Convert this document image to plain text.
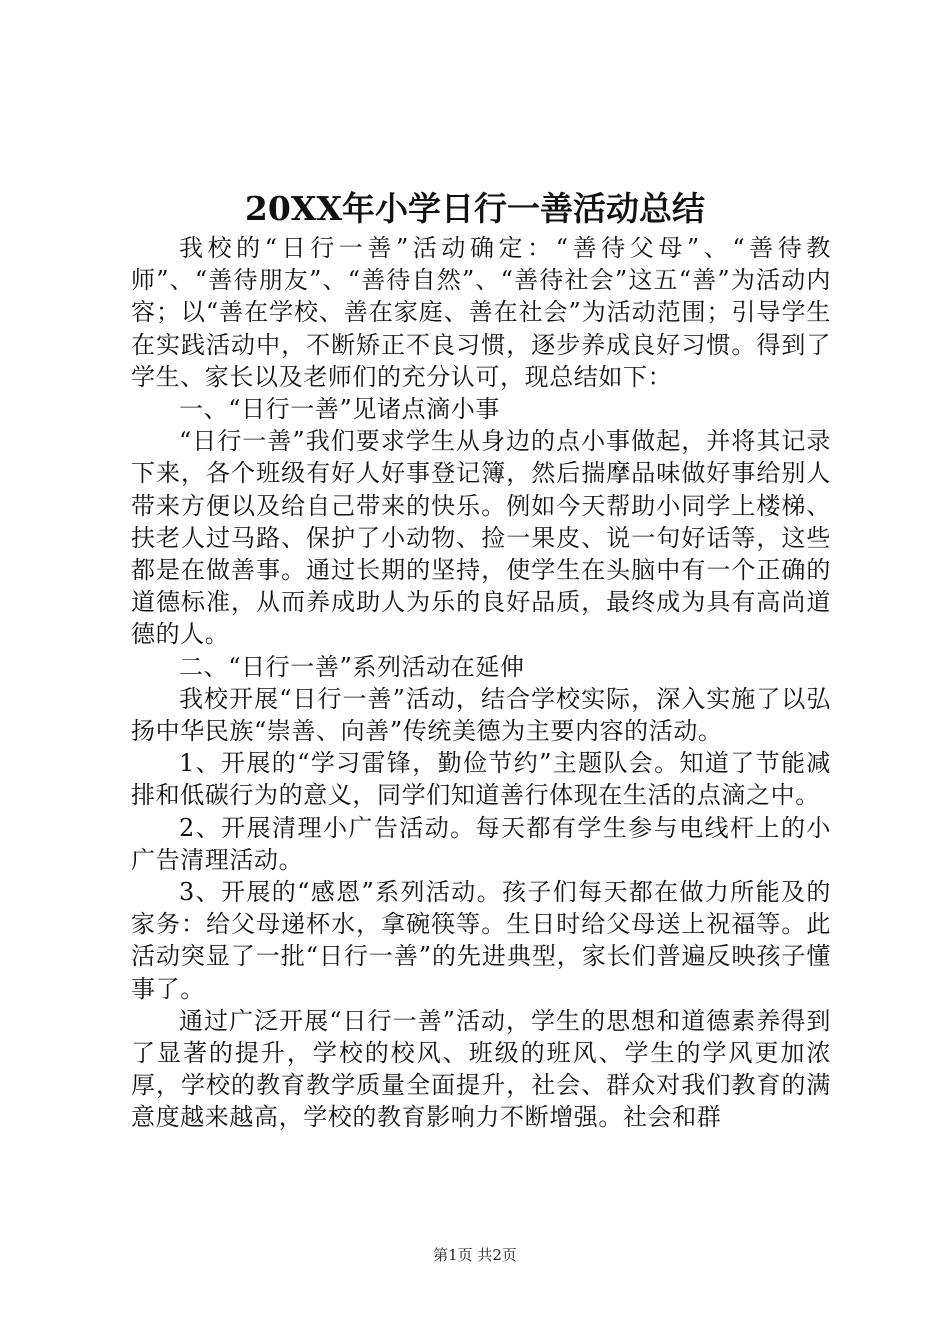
20XX年小学日行一善活动总结

我校的“日行一善”活动确定：“善待父母”、“善待教师”、“善待朋友”、“善待自然”、“善待社会”这五“善”为活动内容；以“善在学校、善在家庭、善在社会”为活动范围；引导学生在实践活动中，不断矫正不良习惯，逐步养成良好习惯。得到了学生、家长以及老师们的充分认可，现总结如下：

一、“日行一善”见诸点滴小事

“日行一善”我们要求学生从身边的点小事做起，并将其记录下来，各个班级有好人好事登记簿，然后揣摩品味做好事给别人带来方便以及给自己带来的快乐。例如今天帮助小同学上楼梯、扶老人过马路、保护了小动物、捡一果皮、说一句好话等，这些都是在做善事。通过长期的坚持，使学生在头脑中有一个正确的道德标准，从而养成助人为乐的良好品质，最终成为具有高尚道德的人。

二、“日行一善”系列活动在延伸

我校开展“日行一善”活动，结合学校实际，深入实施了以弘扬中华民族“崇善、向善”传统美德为主要内容的活动。

1、开展的“学习雷锋，勤俭节约”主题队会。知道了节能减排和低碳行为的意义，同学们知道善行体现在生活的点滴之中。

2、开展清理小广告活动。每天都有学生参与电线杆上的小广告清理活动。

3、开展的“感恩”系列活动。孩子们每天都在做力所能及的家务：给父母递杯水，拿碗筷等。生日时给父母送上祝福等。此活动突显了一批“日行一善”的先进典型，家长们普遍反映孩子懂事了。

通过广泛开展“日行一善”活动，学生的思想和道德素养得到了显著的提升，学校的校风、班级的班风、学生的学风更加浓厚，学校的教育教学质量全面提升，社会、群众对我们教育的满意度越来越高，学校的教育影响力不断增强。社会和群

第1页 共2页
